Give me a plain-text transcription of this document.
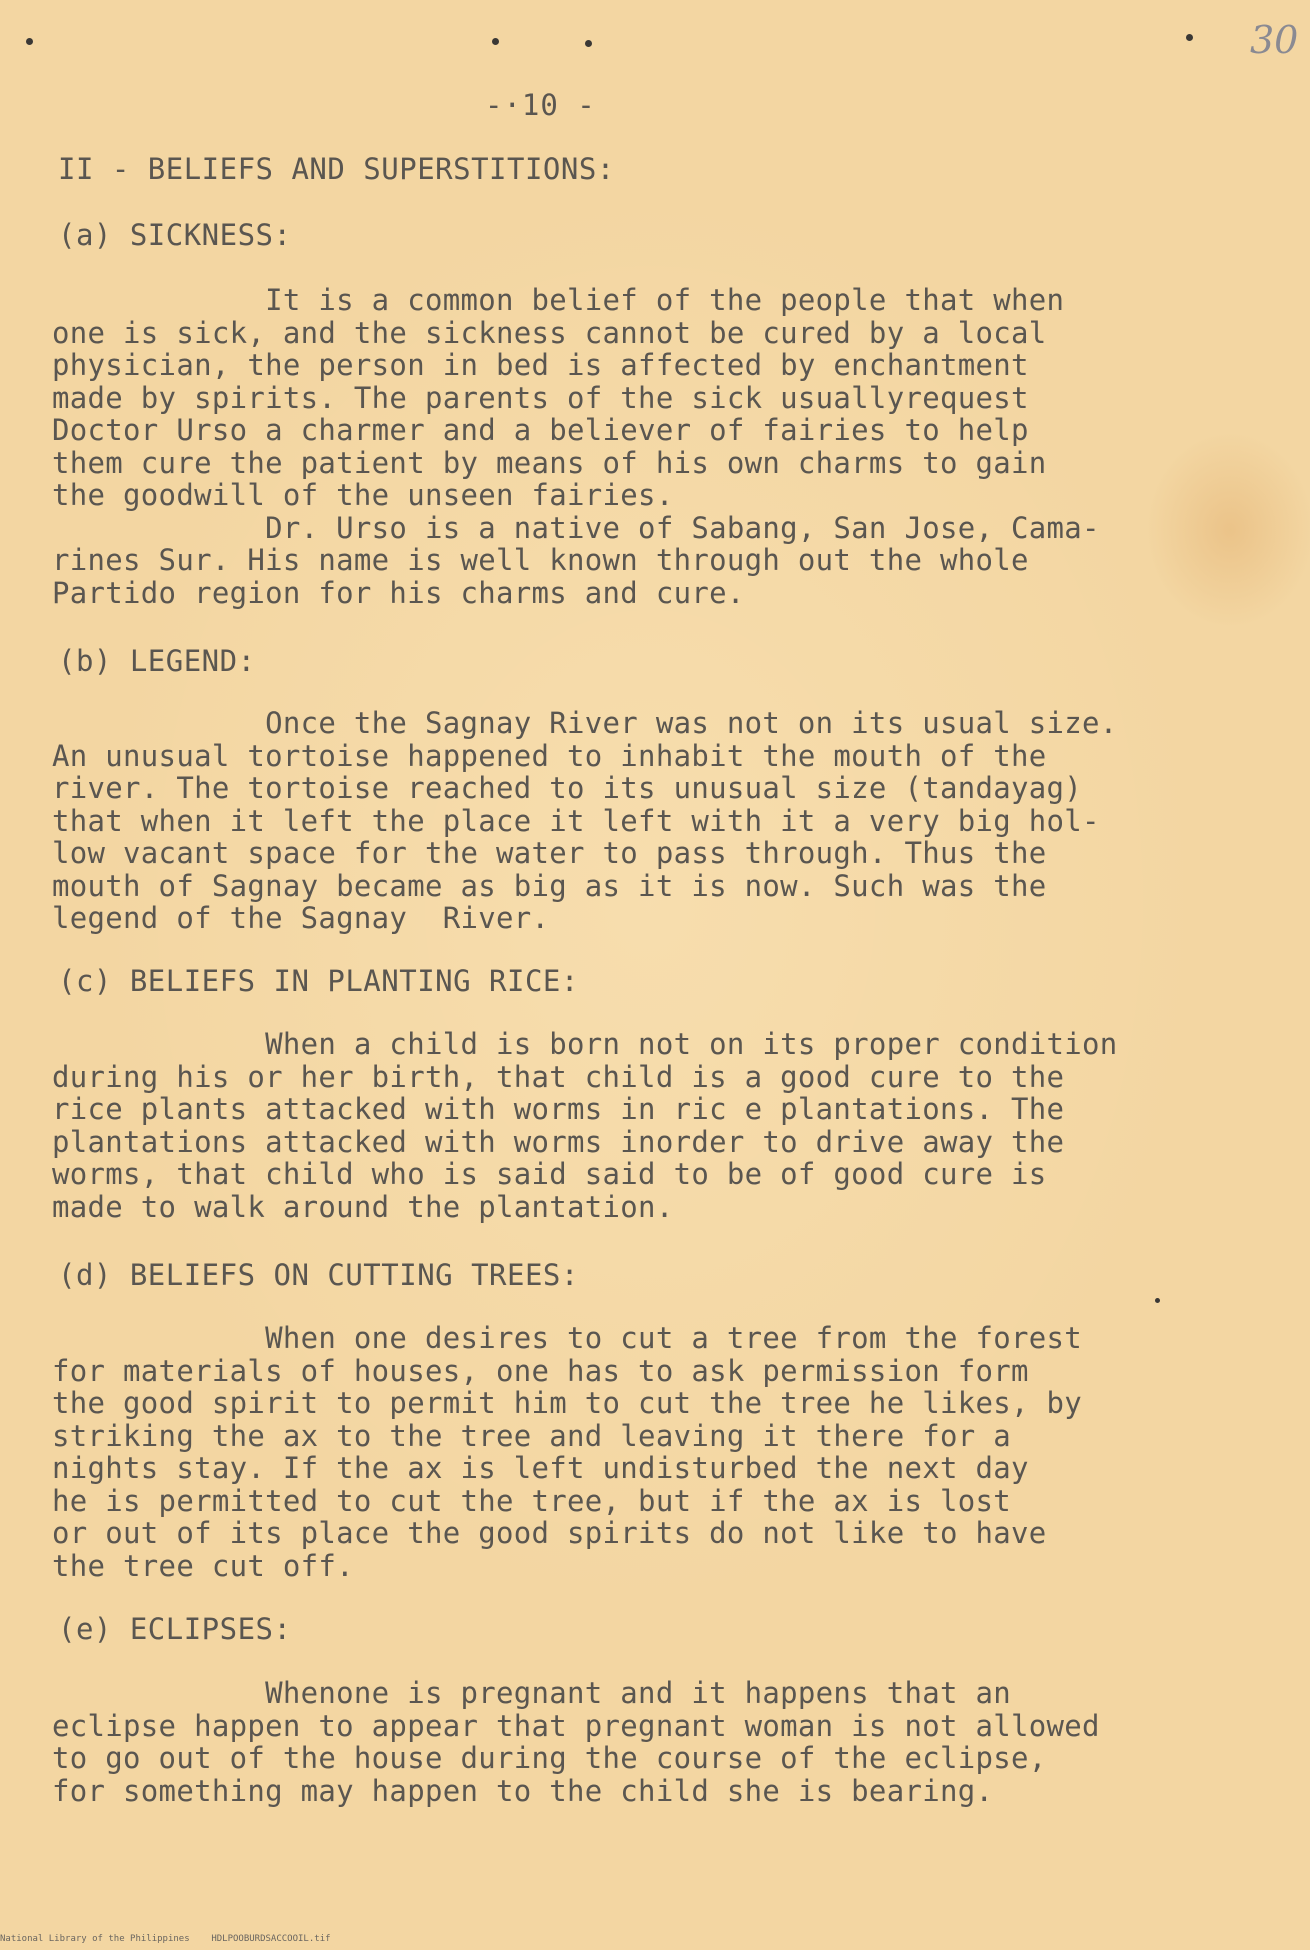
30
-·10 -
II - BELIEFS AND SUPERSTITIONS:
(a) SICKNESS:
It is a common belief of the people that when
one is sick, and the sickness cannot be cured by a local
physician, the person in bed is affected by enchantment
made by spirits. The parents of the sick usuallyrequest
Doctor Urso a charmer and a believer of fairies to help
them cure the patient by means of his own charms to gain
the goodwill of the unseen fairies.
Dr. Urso is a native of Sabang, San Jose, Cama-
rines Sur. His name is well known through out the whole
Partido region for his charms and cure.
(b) LEGEND:
Once the Sagnay River was not on its usual size.
An unusual tortoise happened to inhabit the mouth of the
river. The tortoise reached to its unusual size (tandayag)
that when it left the place it left with it a very big hol-
low vacant space for the water to pass through. Thus the
mouth of Sagnay became as big as it is now. Such was the
legend of the Sagnay  River.
(c) BELIEFS IN PLANTING RICE:
When a child is born not on its proper condition
during his or her birth, that child is a good cure to the
rice plants attacked with worms in ric e plantations. The
plantations attacked with worms inorder to drive away the
worms, that child who is said said to be of good cure is
made to walk around the plantation.
(d) BELIEFS ON CUTTING TREES:
When one desires to cut a tree from the forest
for materials of houses, one has to ask permission form
the good spirit to permit him to cut the tree he likes, by
striking the ax to the tree and leaving it there for a
nights stay. If the ax is left undisturbed the next day
he is permitted to cut the tree, but if the ax is lost
or out of its place the good spirits do not like to have
the tree cut off.
(e) ECLIPSES:
Whenone is pregnant and it happens that an
eclipse happen to appear that pregnant woman is not allowed
to go out of the house during the course of the eclipse,
for something may happen to the child she is bearing.
National Library of the Philippines    HDLPOOBURDSACCOOIL.tif
